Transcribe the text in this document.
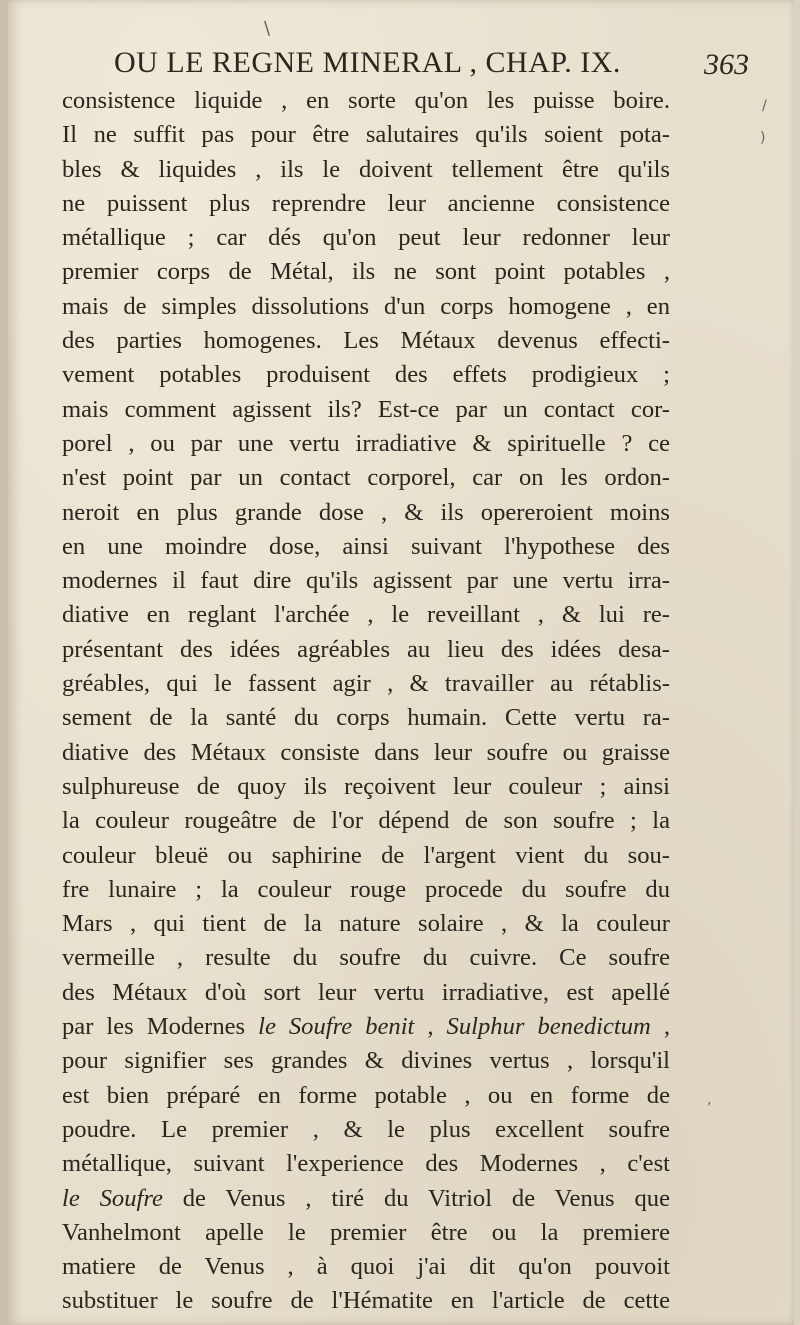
OU LE REGNE MINERAL , CHAP. IX.	363
consistence liquide , en sorte qu'on les puisse boire.
Il ne suffit pas pour être salutaires qu'ils soient pota-
bles & liquides , ils le doivent tellement être qu'ils
ne puissent plus reprendre leur ancienne consistence
métallique ; car dés qu'on peut leur redonner leur
premier corps de Métal, ils ne sont point potables ,
mais de simples dissolutions d'un corps homogene , en
des parties homogenes. Les Métaux devenus effecti-
vement potables produisent des effets prodigieux ;
mais comment agissent ils? Est-ce par un contact cor-
porel , ou par une vertu irradiative & spirituelle ? ce
n'est point par un contact corporel, car on les ordon-
neroit en plus grande dose , & ils opereroient moins
en une moindre dose, ainsi suivant l'hypothese des
modernes il faut dire qu'ils agissent par une vertu irra-
diative en reglant l'archée , le reveillant , & lui re-
présentant des idées agréables au lieu des idées desa-
gréables, qui le fassent agir , & travailler au rétablis-
sement de la santé du corps humain. Cette vertu ra-
diative des Métaux consiste dans leur soufre ou graisse
sulphureuse de quoy ils reçoivent leur couleur ; ainsi
la couleur rougeâtre de l'or dépend de son soufre ; la
couleur bleuë ou saphirine de l'argent vient du sou-
fre lunaire ; la couleur rouge procede du soufre du
Mars , qui tient de la nature solaire , & la couleur
vermeille , resulte du soufre du cuivre. Ce soufre
des Métaux d'où sort leur vertu irradiative, est apellé
par les Modernes le Soufre benit , Sulphur benedictum ,
pour signifier ses grandes & divines vertus , lorsqu'il
est bien préparé en forme potable , ou en forme de
poudre. Le premier , & le plus excellent soufre
métallique, suivant l'experience des Modernes , c'est
le Soufre de Venus , tiré du Vitriol de Venus que
Vanhelmont apelle le premier être ou la premiere
matiere de Venus , à quoi j'ai dit qu'on pouvoit
substituer le soufre de l'Hématite en l'article de cette
\
/
)
,
